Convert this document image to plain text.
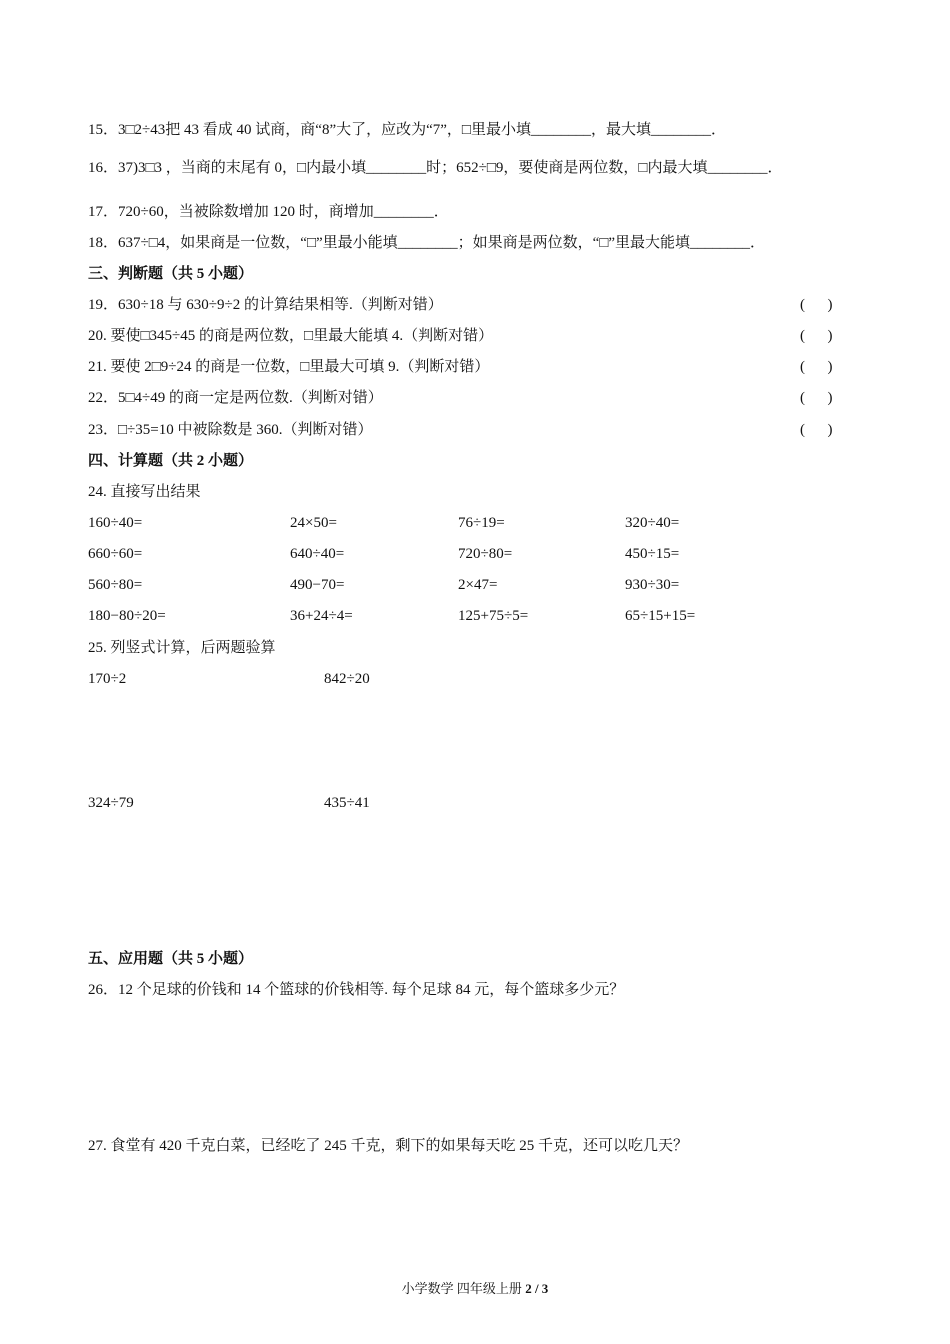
15．3□2÷43把 43 看成 40 试商，商“8”大了，应改为“7”，□里最小填________，最大填________．
16．37)3□3 ，当商的末尾有 0，□内最小填________时；652÷□9，要使商是两位数，□内最大填________．
17．720÷60，当被除数增加 120 时，商增加________．
18．637÷□4，如果商是一位数，“□”里最小能填________；如果商是两位数，“□”里最大能填________．
三、判断题（共 5 小题）
19．630÷18 与 630÷9÷2 的计算结果相等.（判断对错）	(      )
20. 要使□345÷45 的商是两位数，□里最大能填 4.（判断对错）	(      )
21. 要使 2□9÷24 的商是一位数，□里最大可填 9.（判断对错）	(      )
22．5□4÷49 的商一定是两位数.（判断对错）	(      )
23．□÷35=10 中被除数是 360.（判断对错）	(      )
四、计算题（共 2 小题）
24. 直接写出结果
160÷40=	24×50=	76÷19=	320÷40=
660÷60=	640÷40=	720÷80=	450÷15=
560÷80=	490−70=	2×47=	930÷30=
180−80÷20=	36+24÷4=	125+75÷5=	65÷15+15=
25. 列竖式计算，后两题验算
170÷2	842÷20
324÷79	435÷41
五、应用题（共 5 小题）
26．12 个足球的价钱和 14 个篮球的价钱相等. 每个足球 84 元，每个篮球多少元？
27. 食堂有 420 千克白菜，已经吃了 245 千克，剩下的如果每天吃 25 千克，还可以吃几天？
小学数学 四年级上册 2 / 3
